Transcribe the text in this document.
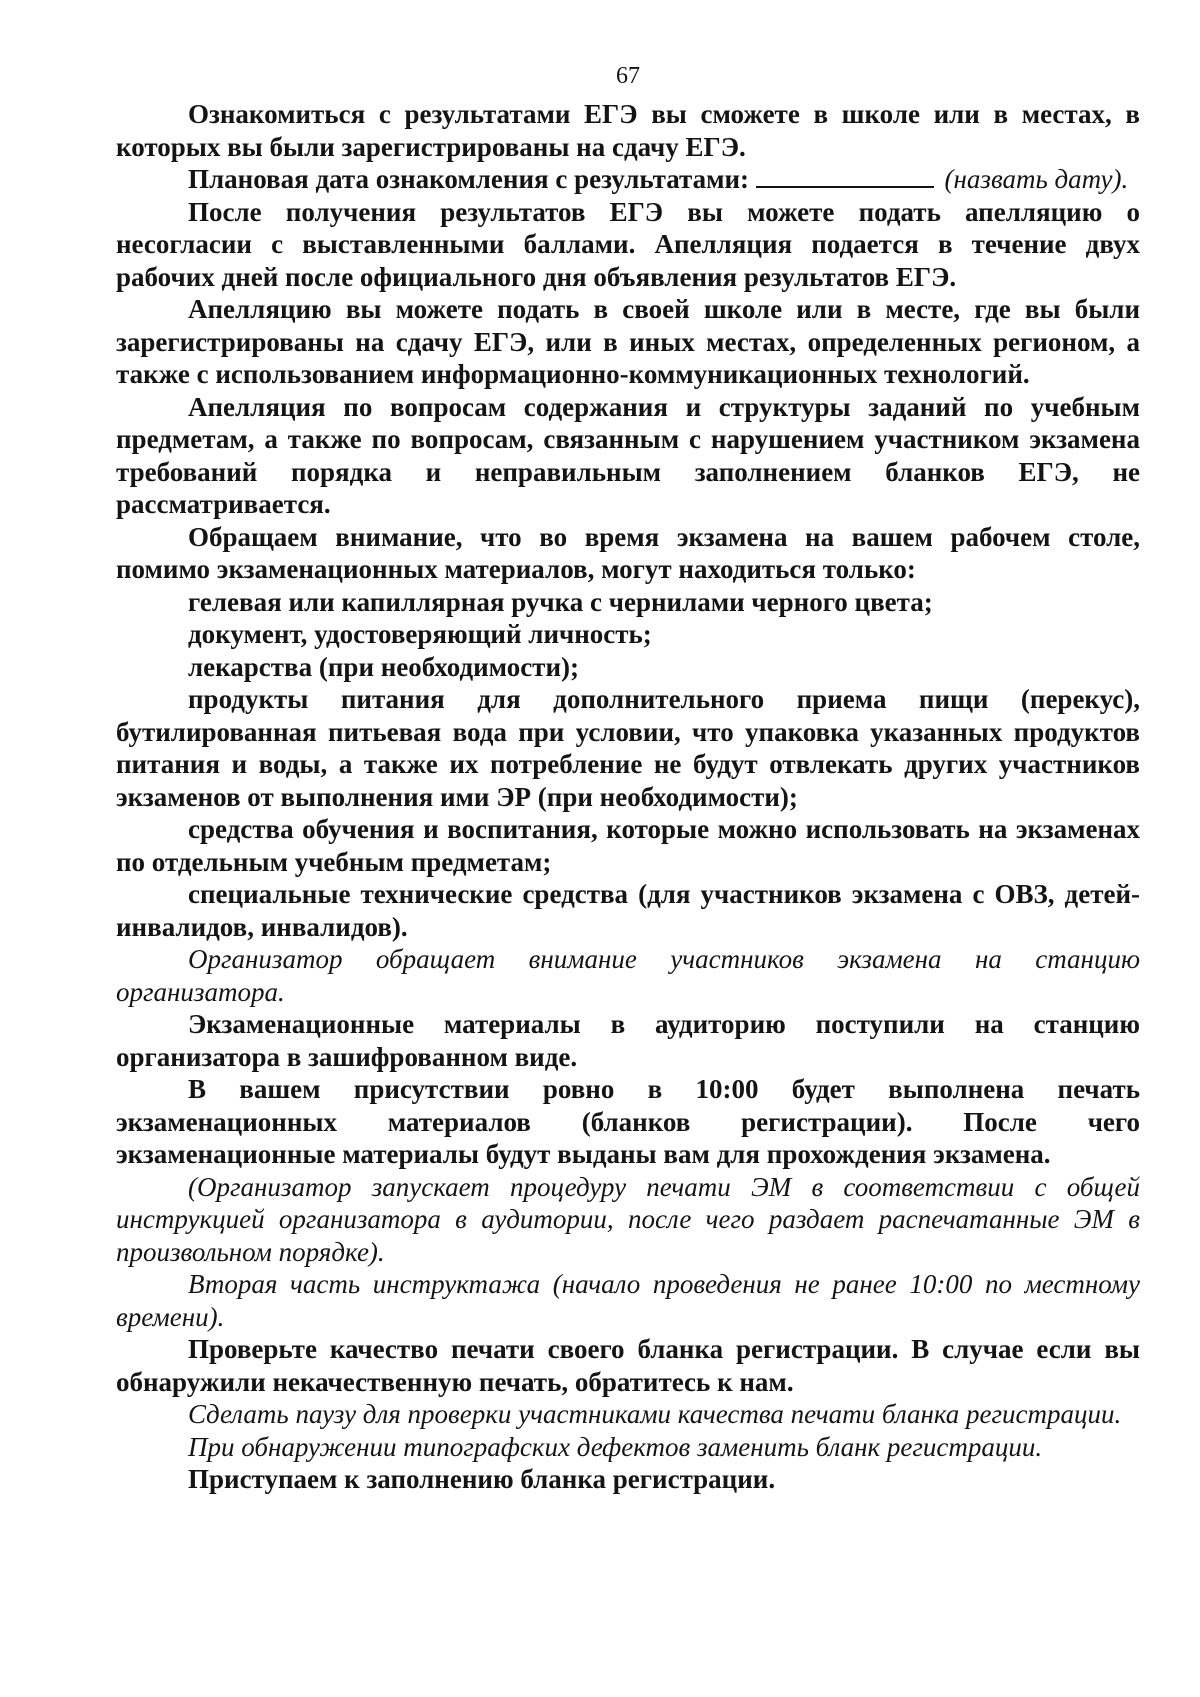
67

Ознакомиться с результатами ЕГЭ вы сможете в школе или в местах, в которых вы были зарегистрированы на сдачу ЕГЭ.

Плановая дата ознакомления с результатами:	(назвать дату).

После получения результатов ЕГЭ вы можете подать апелляцию о несогласии с выставленными баллами. Апелляция подается в течение двух рабочих дней после официального дня объявления результатов ЕГЭ.

Апелляцию вы можете подать в своей школе или в месте, где вы были зарегистрированы на сдачу ЕГЭ, или в иных местах, определенных регионом, а также с использованием информационно-коммуникационных технологий.

Апелляция по вопросам содержания и структуры заданий по учебным предметам, а также по вопросам, связанным с нарушением участником экзамена требований порядка и неправильным заполнением бланков ЕГЭ, не рассматривается.

Обращаем внимание, что во время экзамена на вашем рабочем столе, помимо экзаменационных материалов, могут находиться только:

гелевая или капиллярная ручка с чернилами черного цвета;

документ, удостоверяющий личность;

лекарства (при необходимости);

продукты питания для дополнительного приема пищи (перекус), бутилированная питьевая вода при условии, что упаковка указанных продуктов питания и воды, а также их потребление не будут отвлекать других участников экзаменов от выполнения ими ЭР (при необходимости);

средства обучения и воспитания, которые можно использовать на экзаменах по отдельным учебным предметам;

специальные технические средства (для участников экзамена с ОВЗ, детей-инвалидов, инвалидов).

Организатор обращает внимание участников экзамена на станцию организатора.

Экзаменационные материалы в аудиторию поступили на станцию организатора в зашифрованном виде.

В вашем присутствии ровно в 10:00 будет выполнена печать экзаменационных материалов (бланков регистрации). После чего экзаменационные материалы будут выданы вам для прохождения экзамена.

(Организатор запускает процедуру печати ЭМ в соответствии с общей инструкцией организатора в аудитории, после чего раздает распечатанные ЭМ в произвольном порядке).

Вторая часть инструктажа (начало проведения не ранее 10:00 по местному времени).

Проверьте качество печати своего бланка регистрации. В случае если вы обнаружили некачественную печать, обратитесь к нам.

Сделать паузу для проверки участниками качества печати бланка регистрации.

При обнаружении типографских дефектов заменить бланк регистрации.

Приступаем к заполнению бланка регистрации.
